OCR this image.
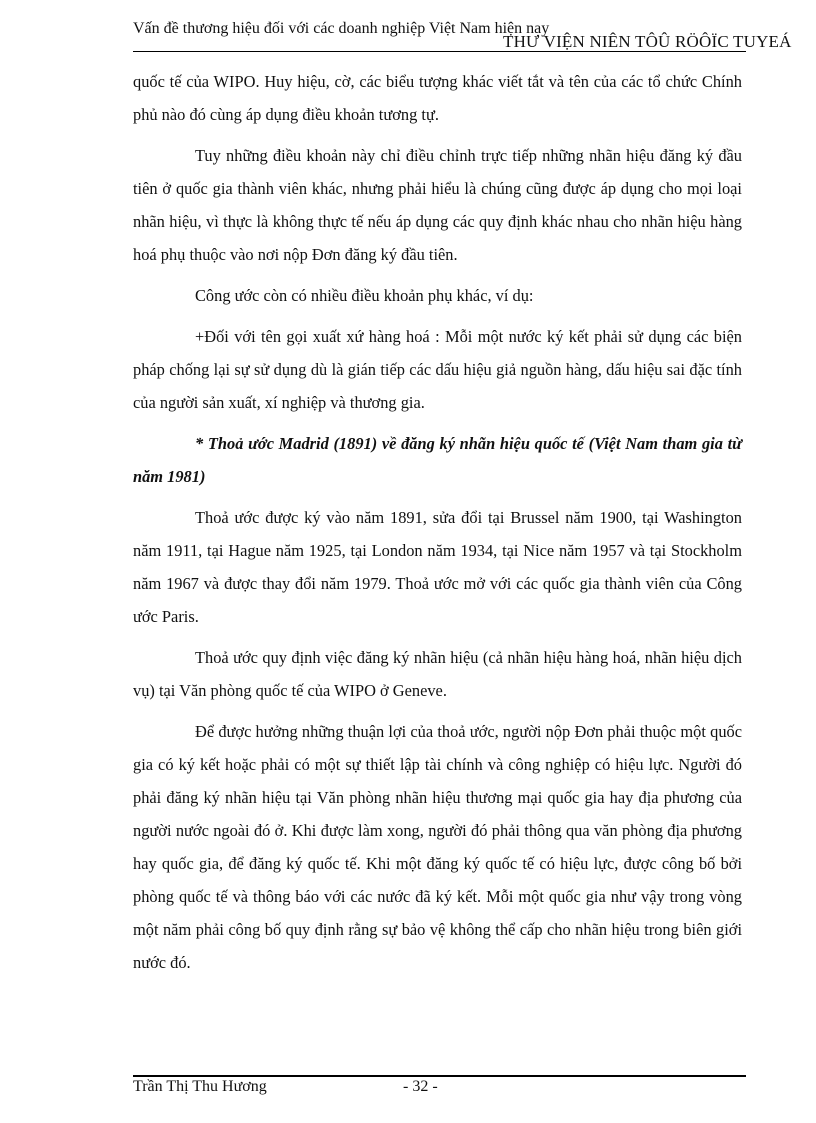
Vấn đề thương hiệu đối với các doanh nghiệp Việt Nam hiện nay
THƯ VIỆN NIÊN TÔÛ RÖÔÏC TUYEÁ

quốc tế của WIPO. Huy hiệu, cờ, các biểu tượng khác viết tắt và tên của các tổ chức Chính phủ nào đó cùng áp dụng điều khoản tương tự.

Tuy những điều khoản này chỉ điều chỉnh trực tiếp những nhãn hiệu đăng ký đầu tiên ở quốc gia thành viên khác, nhưng phải hiểu là chúng cũng được áp dụng cho mọi loại nhãn hiệu, vì thực là không thực tế nếu áp dụng các quy định khác nhau cho nhãn hiệu hàng hoá phụ thuộc vào nơi nộp Đơn đăng ký đầu tiên.

Công ước còn có nhiều điều khoản phụ khác, ví dụ:

+Đối với tên gọi xuất xứ hàng hoá : Mỗi một nước ký kết phải sử dụng các biện pháp chống lại sự sử dụng dù là gián tiếp các dấu hiệu giả nguồn hàng, dấu hiệu sai đặc tính của người sản xuất, xí nghiệp và thương gia.

* Thoả ước Madrid (1891) về đăng ký nhãn hiệu quốc tế (Việt Nam tham gia từ năm 1981)

Thoả ước được ký vào năm 1891, sửa đổi tại Brussel năm 1900, tại Washington năm 1911, tại Hague năm 1925, tại London năm 1934, tại Nice năm 1957 và tại Stockholm năm 1967 và được thay đổi năm 1979. Thoả ước mở với các quốc gia thành viên của Công ước Paris.

Thoả ước quy định việc đăng ký nhãn hiệu (cả nhãn hiệu hàng hoá, nhãn hiệu dịch vụ) tại Văn phòng quốc tế của WIPO ở Geneve.

Để được hưởng những thuận lợi của thoả ước, người nộp Đơn phải thuộc một quốc gia có ký kết hoặc phải có một sự thiết lập tài chính và công nghiệp có hiệu lực. Người đó phải đăng ký nhãn hiệu tại Văn phòng nhãn hiệu thương mại quốc gia hay địa phương của người nước ngoài đó ở. Khi được làm xong, người đó phải thông qua văn phòng địa phương hay quốc gia, để đăng ký quốc tế. Khi một đăng ký quốc tế có hiệu lực, được công bố bởi phòng quốc tế và thông báo với các nước đã ký kết. Mỗi một quốc gia như vậy trong vòng một năm phải công bố quy định rằng sự bảo vệ không thể cấp cho nhãn hiệu trong biên giới nước đó.

Trần Thị Thu Hương	- 32 -
